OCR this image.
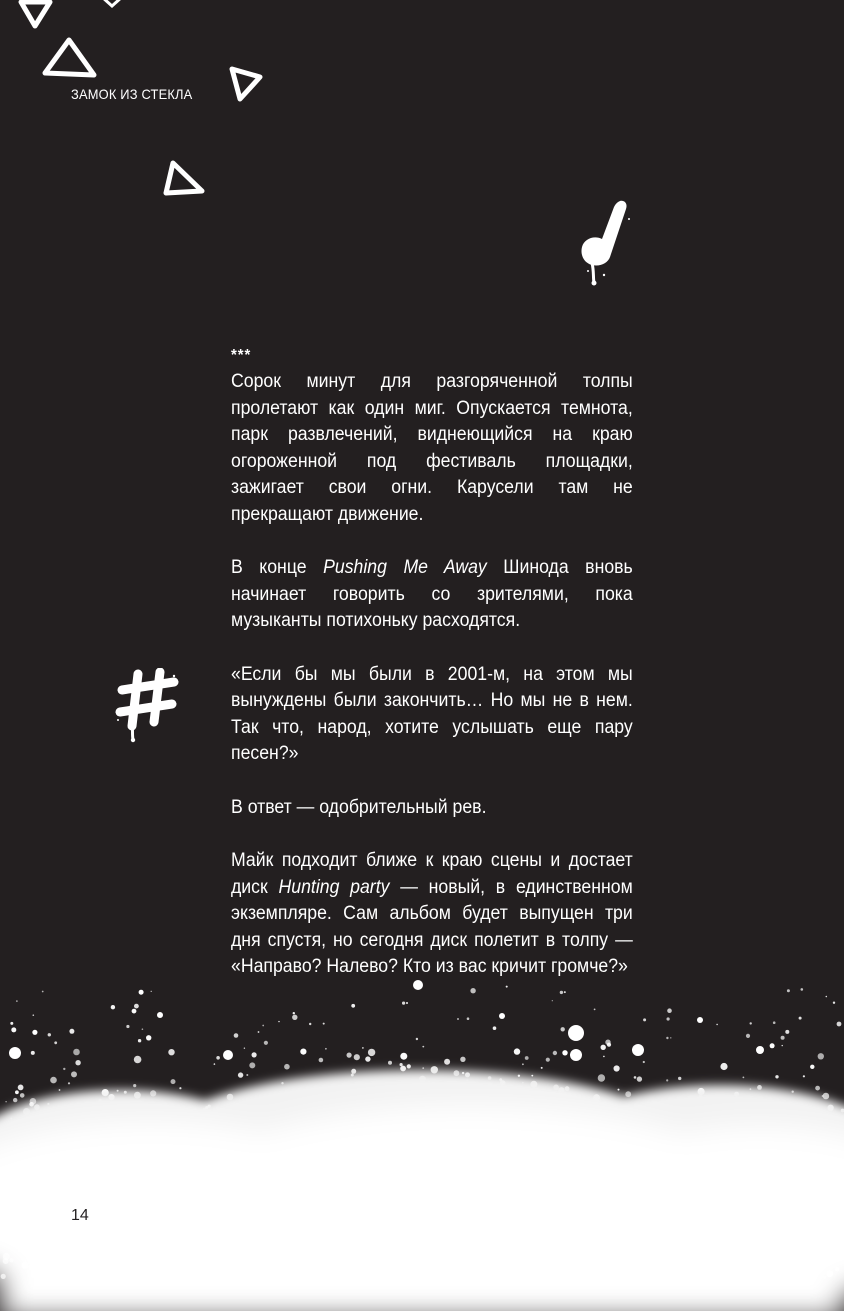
ЗАМОК ИЗ СТЕКЛА

***

Сорок минут для разгоряченной толпы пролетают как один миг. Опускается темнота, парк развлечений, виднеющийся на краю огороженной под фестиваль площадки, зажигает свои огни. Карусели там не прекращают движение.

В конце Pushing Me Away Шинода вновь начинает говорить со зрителями, пока музыканты потихоньку расходятся.

«Если бы мы были в 2001-м, на этом мы вынуждены были закончить… Но мы не в нем. Так что, народ, хотите услышать еще пару песен?»

В ответ — одобрительный рев.

Майк подходит ближе к краю сцены и достает диск Hunting party — новый, в единственном экземпляре. Сам альбом будет выпущен три дня спустя, но сегодня диск полетит в толпу — «Направо? Налево? Кто из вас кричит громче?»

14
